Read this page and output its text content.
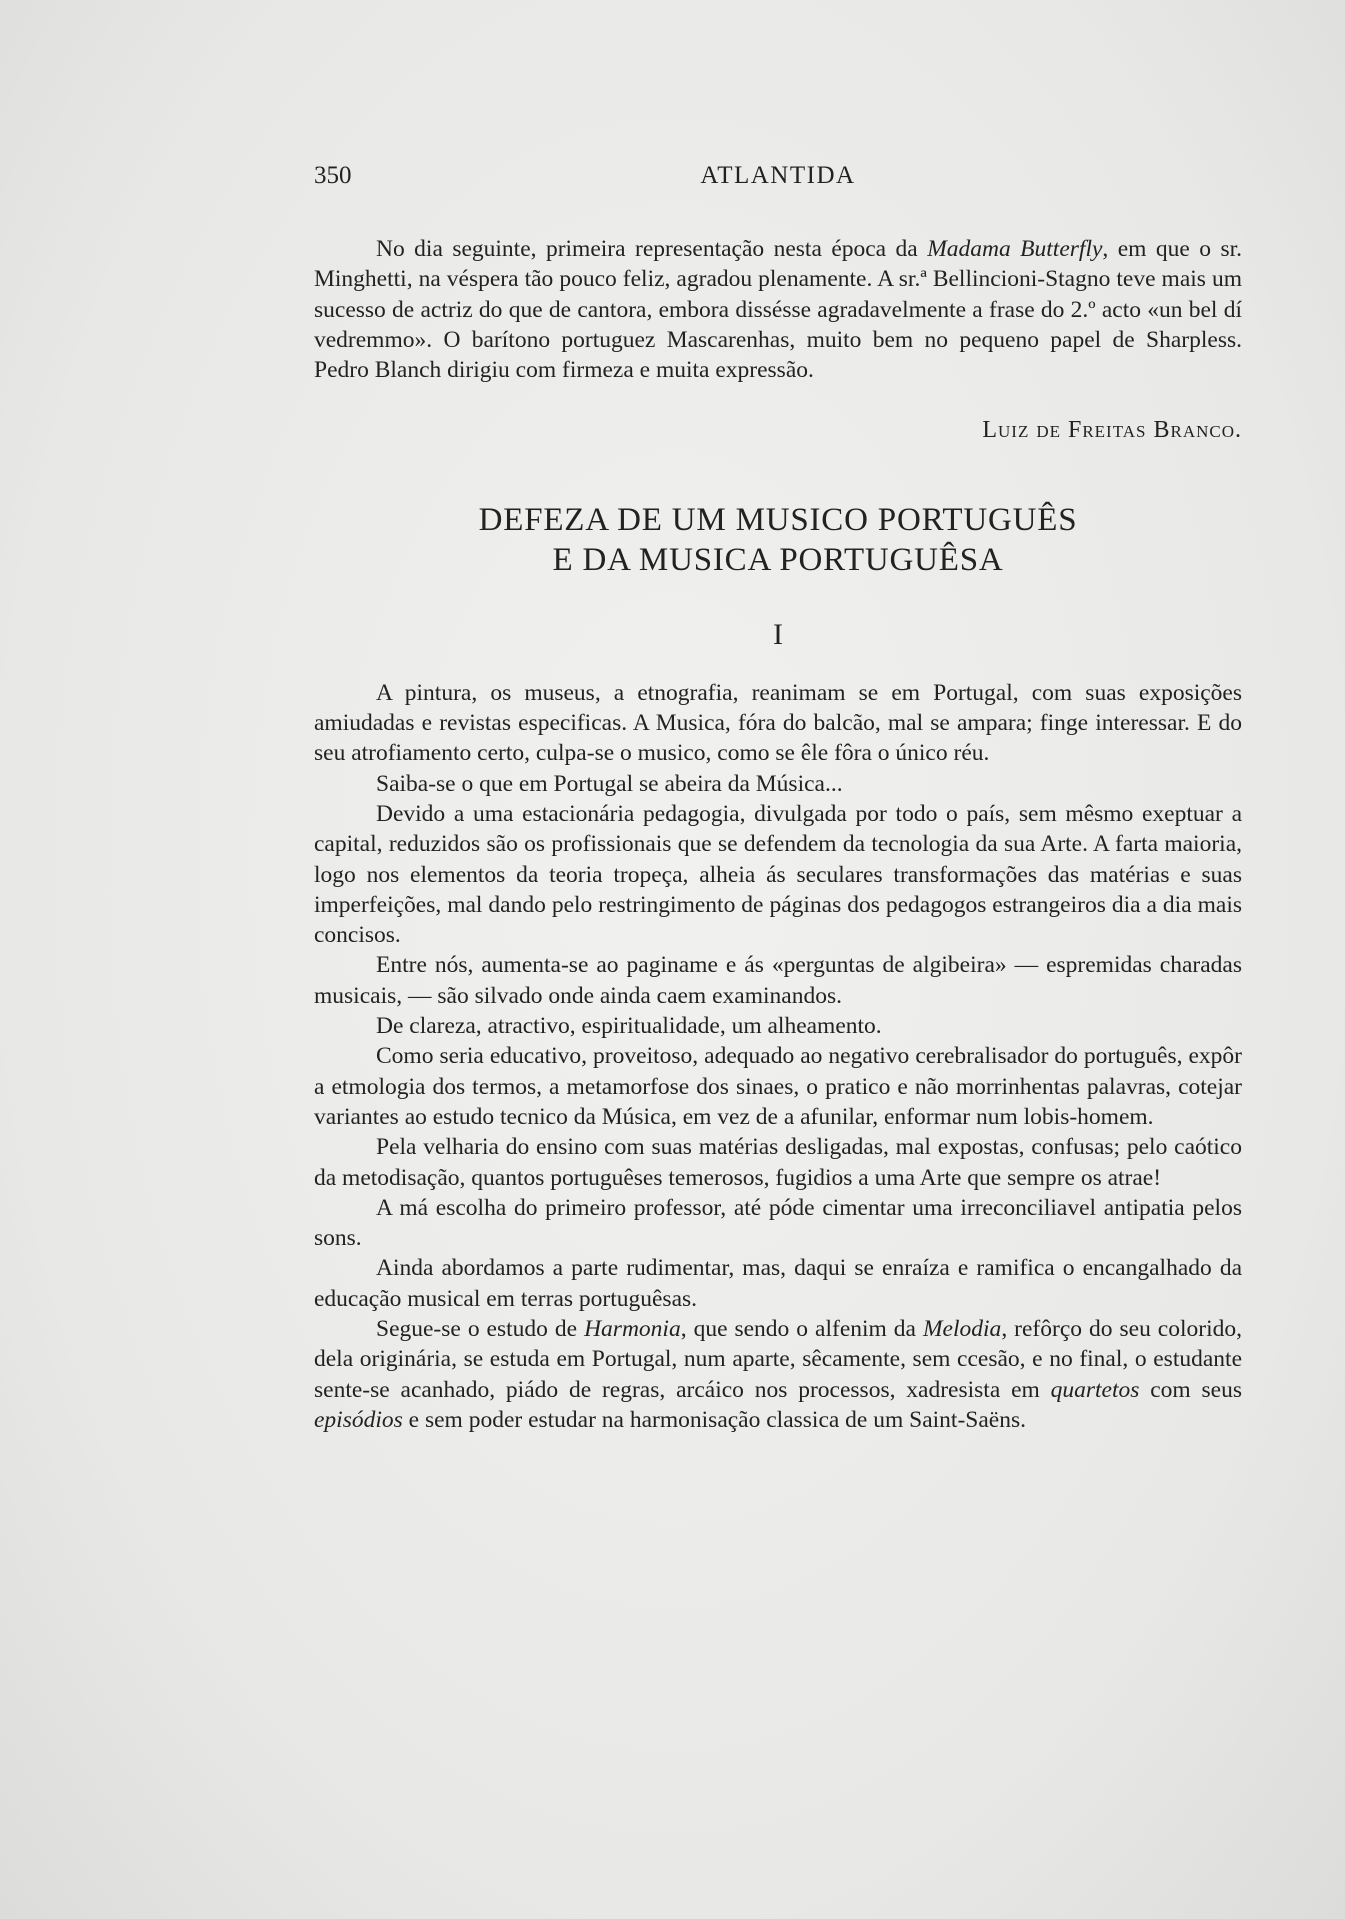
350	ATLANTIDA

No dia seguinte, primeira representação nesta época da Madama Butterfly, em que o sr. Minghetti, na véspera tão pouco feliz, agradou plenamente. A sr.ª Bellincioni-Stagno teve mais um sucesso de actriz do que de cantora, embora dissésse agradavelmente a frase do 2.º acto «un bel dí vedremmo». O barítono portuguez Mascarenhas, muito bem no pequeno papel de Sharpless. Pedro Blanch dirigiu com firmeza e muita expressão.

Luiz de Freitas Branco.
DEFEZA DE UM MUSICO PORTUGUÊS
E DA MUSICA PORTUGUÊSA
I

A pintura, os museus, a etnografia, reanimam se em Portugal, com suas exposições amiudadas e revistas especificas. A Musica, fóra do balcão, mal se ampara; finge interessar. E do seu atrofiamento certo, culpa-se o musico, como se êle fôra o único réu.

Saiba-se o que em Portugal se abeira da Música...

Devido a uma estacionária pedagogia, divulgada por todo o país, sem mêsmo exeptuar a capital, reduzidos são os profissionais que se defendem da tecnologia da sua Arte. A farta maioria, logo nos elementos da teoria tropeça, alheia ás seculares transformações das matérias e suas imperfeições, mal dando pelo restringimento de páginas dos pedagogos estrangeiros dia a dia mais concisos.

Entre nós, aumenta-se ao paginame e ás «perguntas de algibeira» — espremidas charadas musicais, — são silvado onde ainda caem examinandos.

De clareza, atractivo, espiritualidade, um alheamento.

Como seria educativo, proveitoso, adequado ao negativo cerebralisador do português, expôr a etmologia dos termos, a metamorfose dos sinaes, o pratico e não morrinhentas palavras, cotejar variantes ao estudo tecnico da Música, em vez de a afunilar, enformar num lobis-homem.

Pela velharia do ensino com suas matérias desligadas, mal expostas, confusas; pelo caótico da metodisação, quantos portuguêses temerosos, fugidios a uma Arte que sempre os atrae!

A má escolha do primeiro professor, até póde cimentar uma irreconciliavel antipatia pelos sons.

Ainda abordamos a parte rudimentar, mas, daqui se enraíza e ramifica o encangalhado da educação musical em terras portuguêsas.

Segue-se o estudo de Harmonia, que sendo o alfenim da Melodia, refôrço do seu colorido, dela originária, se estuda em Portugal, num aparte, sêcamente, sem ccesão, e no final, o estudante sente-se acanhado, piádo de regras, arcáico nos processos, xadresista em quartetos com seus episódios e sem poder estudar na harmonisação classica de um Saint-Saëns.
